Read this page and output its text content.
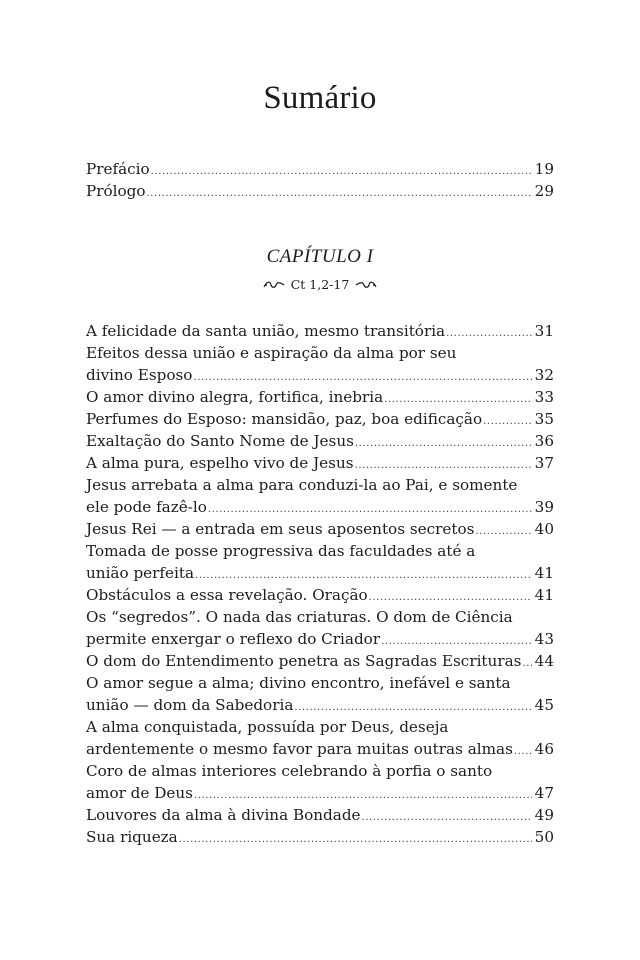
Sumário
Prefácio .....	19
Prólogo .....	29
CAPÍTULO I
Ct 1,2-17
A felicidade da santa união, mesmo transitória .....	31
Efeitos dessa união e aspiração da alma por seu
divino Esposo .....	32
O amor divino alegra, fortifica, inebria .....	33
Perfumes do Esposo: mansidão, paz, boa edificação .....	35
Exaltação do Santo Nome de Jesus .....	36
A alma pura, espelho vivo de Jesus .....	37
Jesus arrebata a alma para conduzi-la ao Pai, e somente
ele pode fazê-lo .....	39
Jesus Rei — a entrada em seus aposentos secretos .....	40
Tomada de posse progressiva das faculdades até a
união perfeita .....	41
Obstáculos a essa revelação. Oração .....	41
Os “segredos”. O nada das criaturas. O dom de Ciência
permite enxergar o reflexo do Criador .....	43
O dom do Entendimento penetra as Sagradas Escrituras ..... 44
O amor segue a alma; divino encontro, inefável e santa
união — dom da Sabedoria .....	45
A alma conquistada, possuída por Deus, deseja
ardentemente o mesmo favor para muitas outras almas ..... 46
Coro de almas interiores celebrando à porfia o santo
amor de Deus .....	47
Louvores da alma à divina Bondade .....	49
Sua riqueza .....	50
